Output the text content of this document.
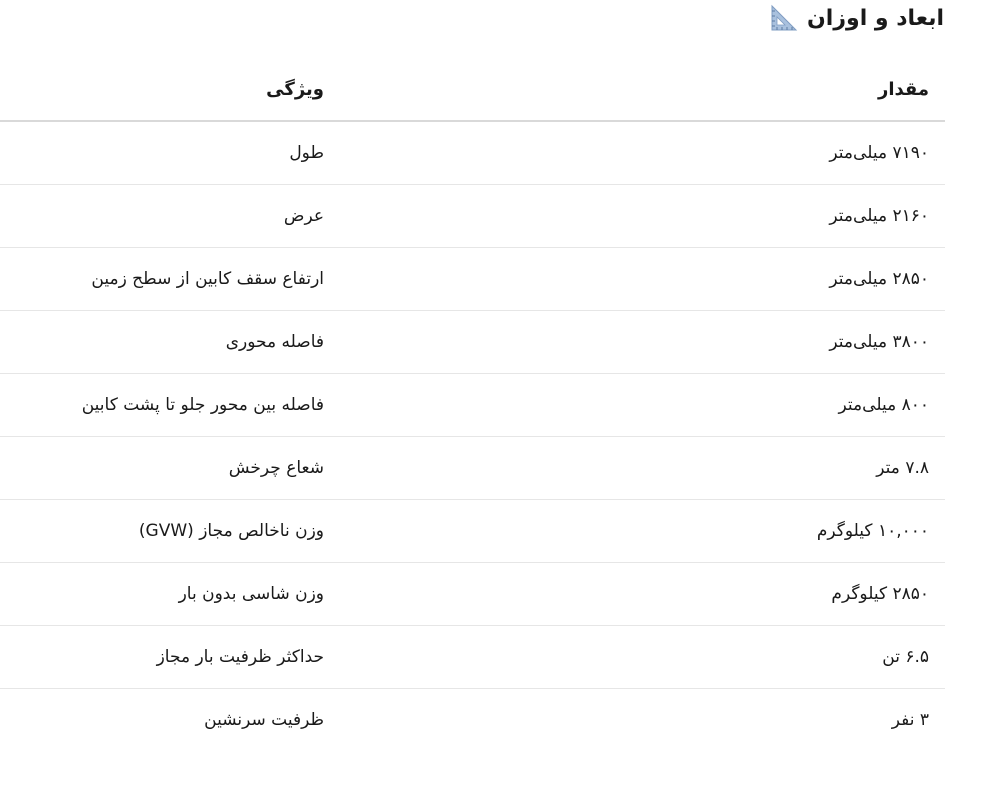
ابعاد و اوزان
مقدار	ویژگی
۷۱۹۰ میلی‌متر	طول
۲۱۶۰ میلی‌متر	عرض
۲۸۵۰ میلی‌متر	ارتفاع سقف کابین از سطح زمین
۳۸۰۰ میلی‌متر	فاصله محوری
۸۰۰ میلی‌متر	فاصله بین محور جلو تا پشت کابین
۷.۸ متر	شعاع چرخش
۱۰,۰۰۰ کیلوگرم	وزن ناخالص مجاز (GVW)
۲۸۵۰ کیلوگرم	وزن شاسی بدون بار
۶.۵ تن	حداکثر ظرفیت بار مجاز
۳ نفر	ظرفیت سرنشین
